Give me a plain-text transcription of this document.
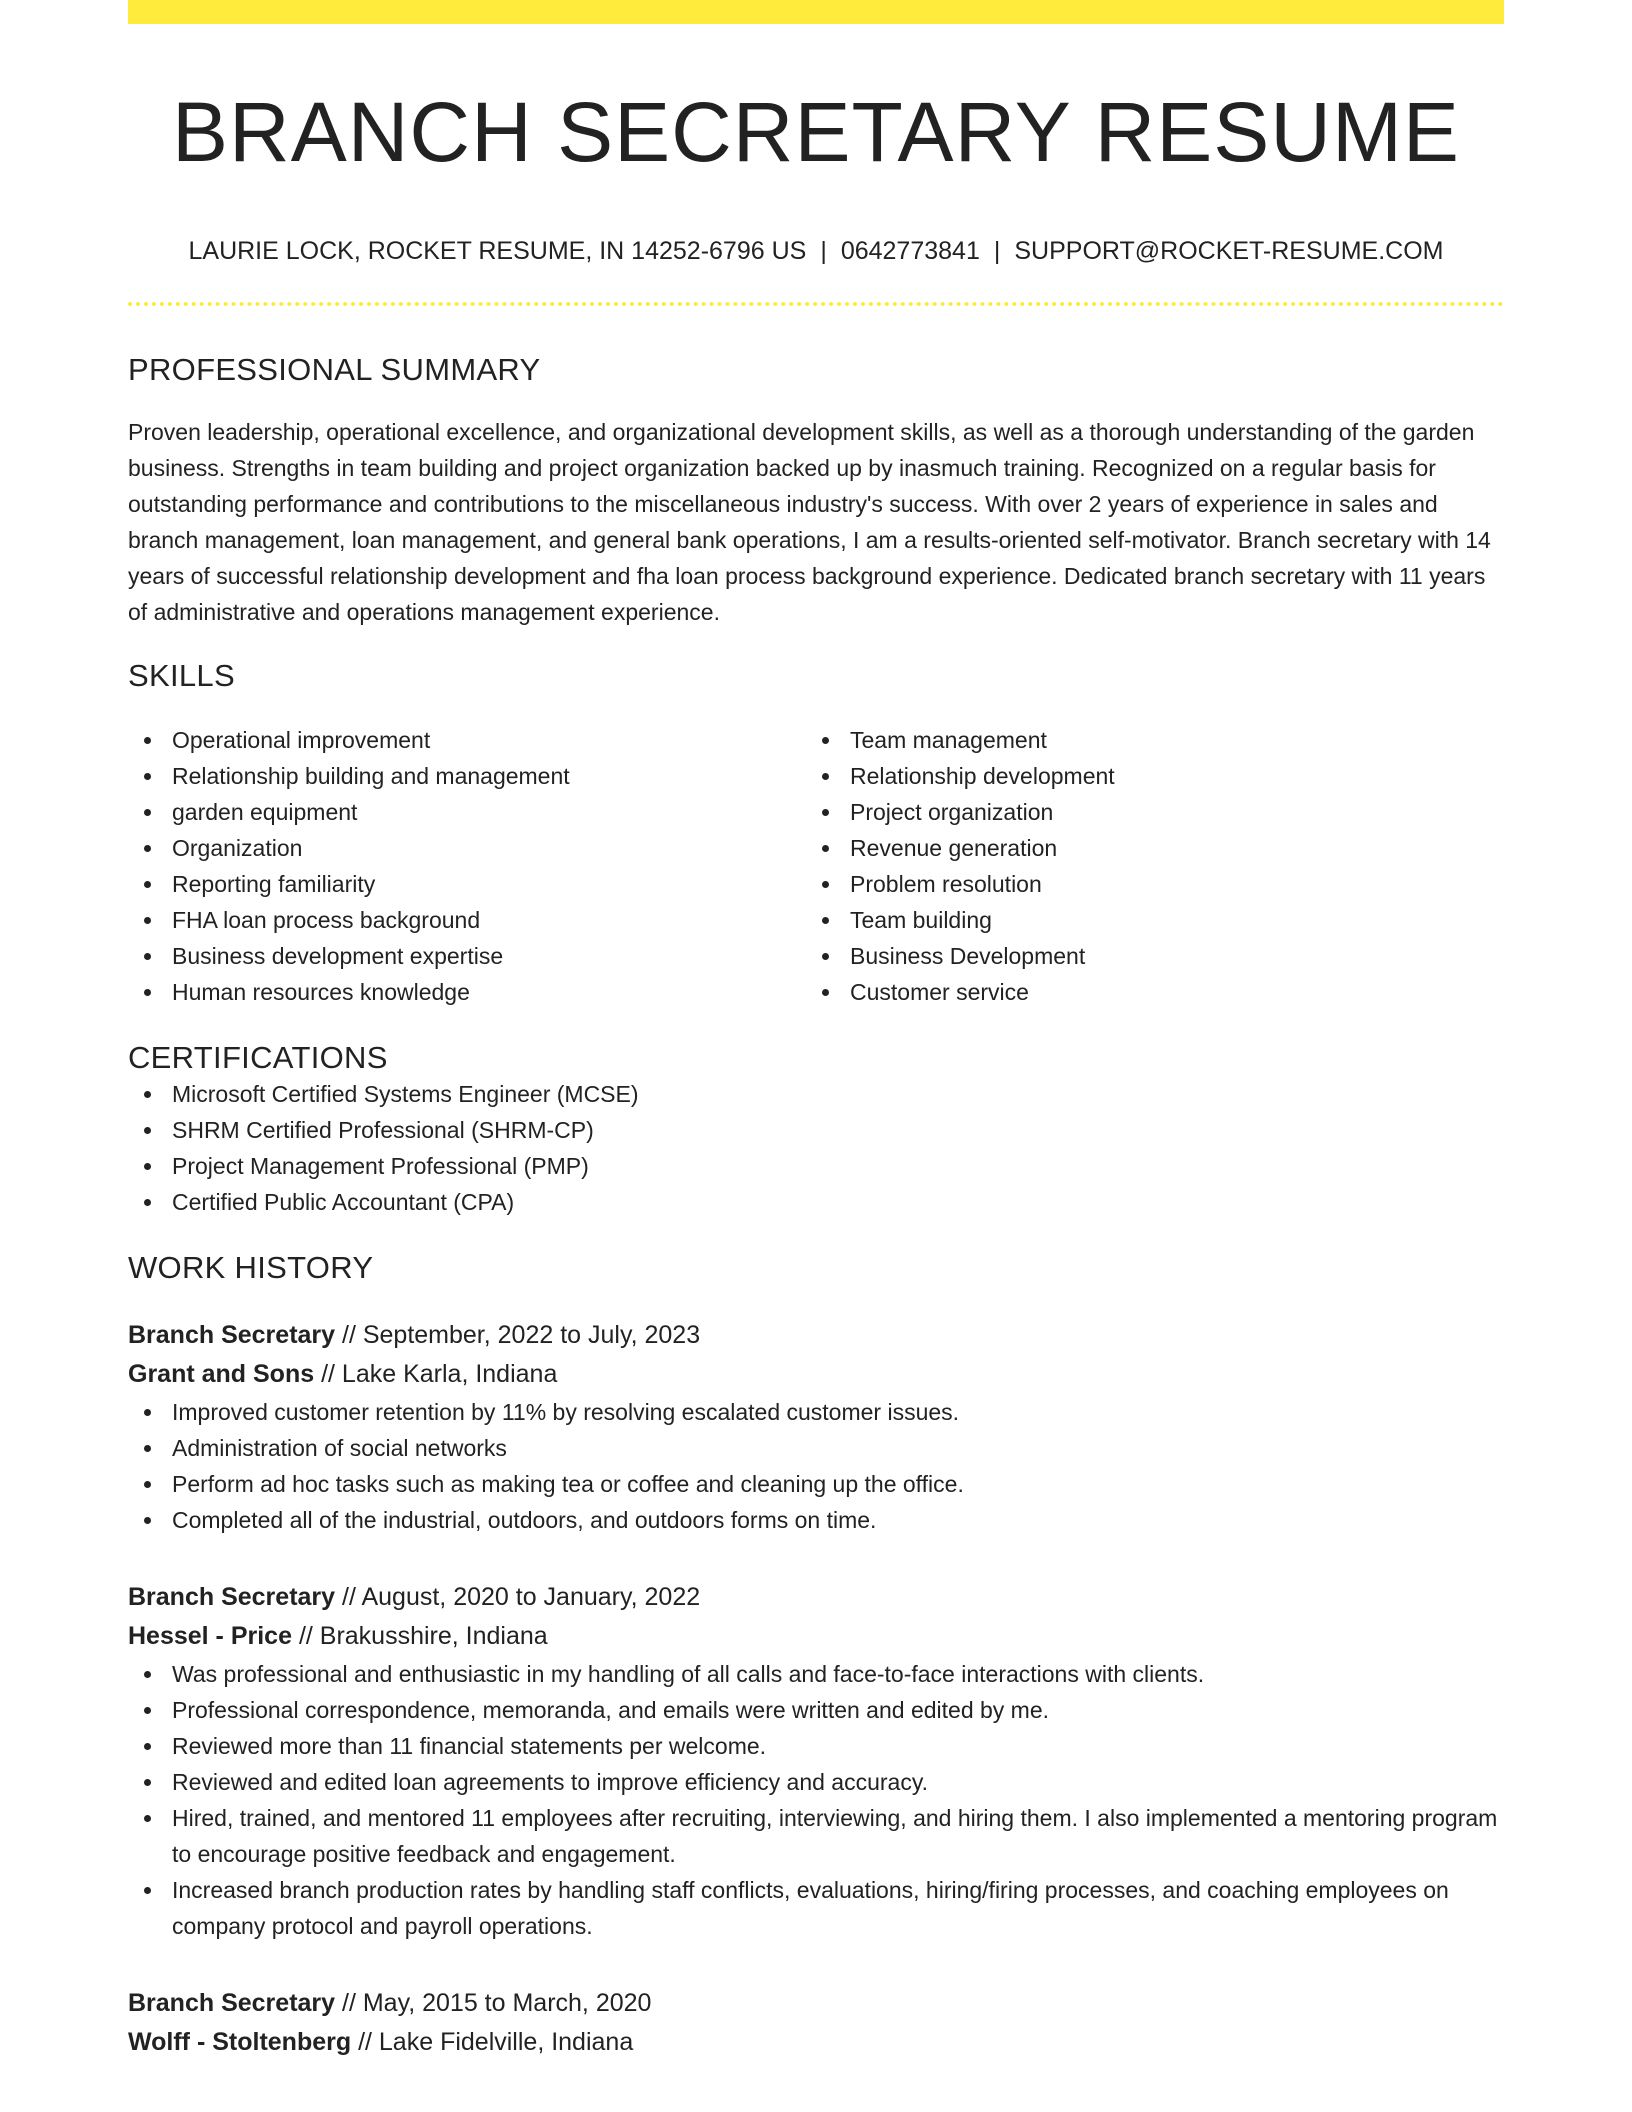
BRANCH SECRETARY RESUME
LAURIE LOCK, ROCKET RESUME, IN 14252-6796 US | 0642773841 | SUPPORT@ROCKET-RESUME.COM
PROFESSIONAL SUMMARY
Proven leadership, operational excellence, and organizational development skills, as well as a thorough understanding of the garden business. Strengths in team building and project organization backed up by inasmuch training. Recognized on a regular basis for outstanding performance and contributions to the miscellaneous industry's success. With over 2 years of experience in sales and branch management, loan management, and general bank operations, I am a results-oriented self-motivator. Branch secretary with 14 years of successful relationship development and fha loan process background experience. Dedicated branch secretary with 11 years of administrative and operations management experience.
SKILLS
Operational improvement
Relationship building and management
garden equipment
Organization
Reporting familiarity
FHA loan process background
Business development expertise
Human resources knowledge
Team management
Relationship development
Project organization
Revenue generation
Problem resolution
Team building
Business Development
Customer service
CERTIFICATIONS
Microsoft Certified Systems Engineer (MCSE)
SHRM Certified Professional (SHRM-CP)
Project Management Professional (PMP)
Certified Public Accountant (CPA)
WORK HISTORY
Branch Secretary // September, 2022 to July, 2023
Grant and Sons // Lake Karla, Indiana
Improved customer retention by 11% by resolving escalated customer issues.
Administration of social networks
Perform ad hoc tasks such as making tea or coffee and cleaning up the office.
Completed all of the industrial, outdoors, and outdoors forms on time.
Branch Secretary // August, 2020 to January, 2022
Hessel - Price // Brakusshire, Indiana
Was professional and enthusiastic in my handling of all calls and face-to-face interactions with clients.
Professional correspondence, memoranda, and emails were written and edited by me.
Reviewed more than 11 financial statements per welcome.
Reviewed and edited loan agreements to improve efficiency and accuracy.
Hired, trained, and mentored 11 employees after recruiting, interviewing, and hiring them. I also implemented a mentoring program to encourage positive feedback and engagement.
Increased branch production rates by handling staff conflicts, evaluations, hiring/firing processes, and coaching employees on company protocol and payroll operations.
Branch Secretary // May, 2015 to March, 2020
Wolff - Stoltenberg // Lake Fidelville, Indiana
